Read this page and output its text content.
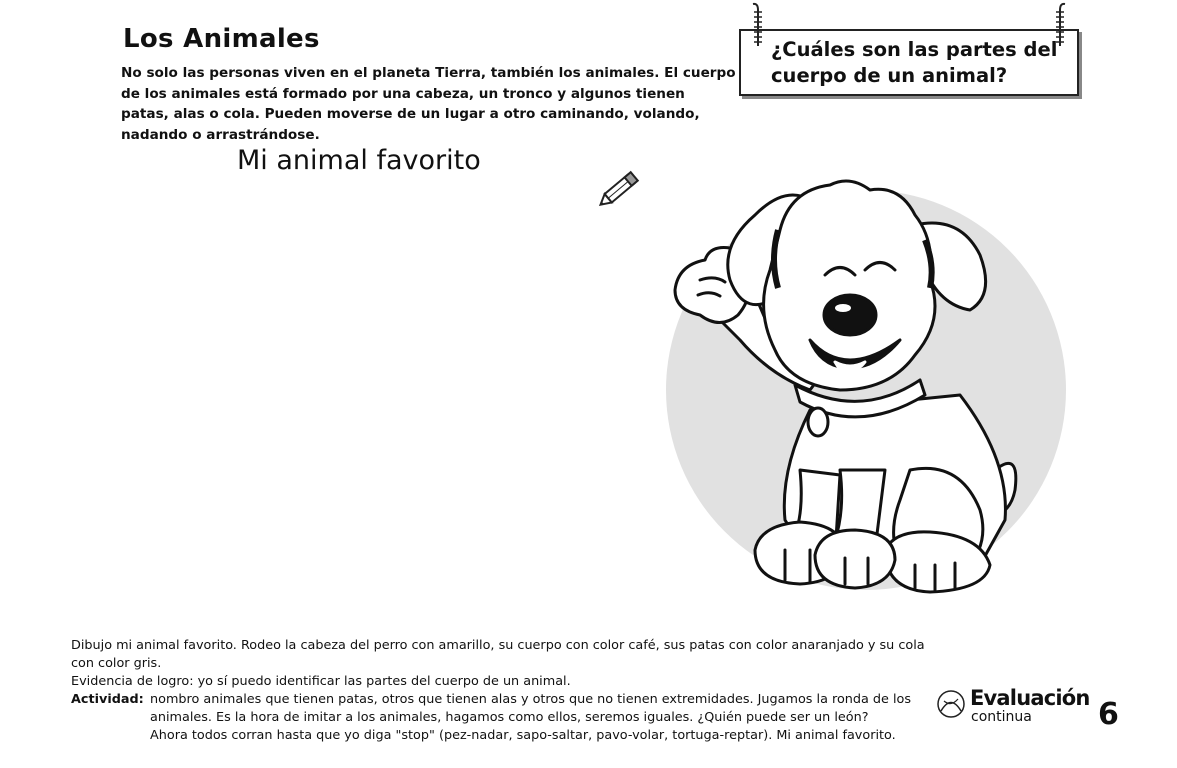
Los Animales
No solo las personas viven en el planeta Tierra, también los animales. El cuerpo de los animales está formado por una cabeza, un tronco y algunos tienen patas, alas o cola. Pueden moverse de un lugar a otro caminando, volando, nadando o arrastrándose.
¿Cuáles son las partes del cuerpo de un animal?
Mi animal favorito

Dibujo mi animal favorito. Rodeo la cabeza del perro con amarillo, su cuerpo con color café, sus patas con color anaranjado y su cola con color gris.

Evidencia de logro: yo sí puedo identificar las partes del cuerpo de un animal.

Actividad: nombro animales que tienen patas, otros que tienen alas y otros que no tienen extremidades. Jugamos la ronda de los
animales. Es la hora de imitar a los animales, hagamos como ellos, seremos iguales. ¿Quién puede ser un león?
Ahora todos corran hasta que yo diga "stop" (pez-nadar, sapo-saltar, pavo-volar, tortuga-reptar). Mi animal favorito.
Evaluación
continua 6
